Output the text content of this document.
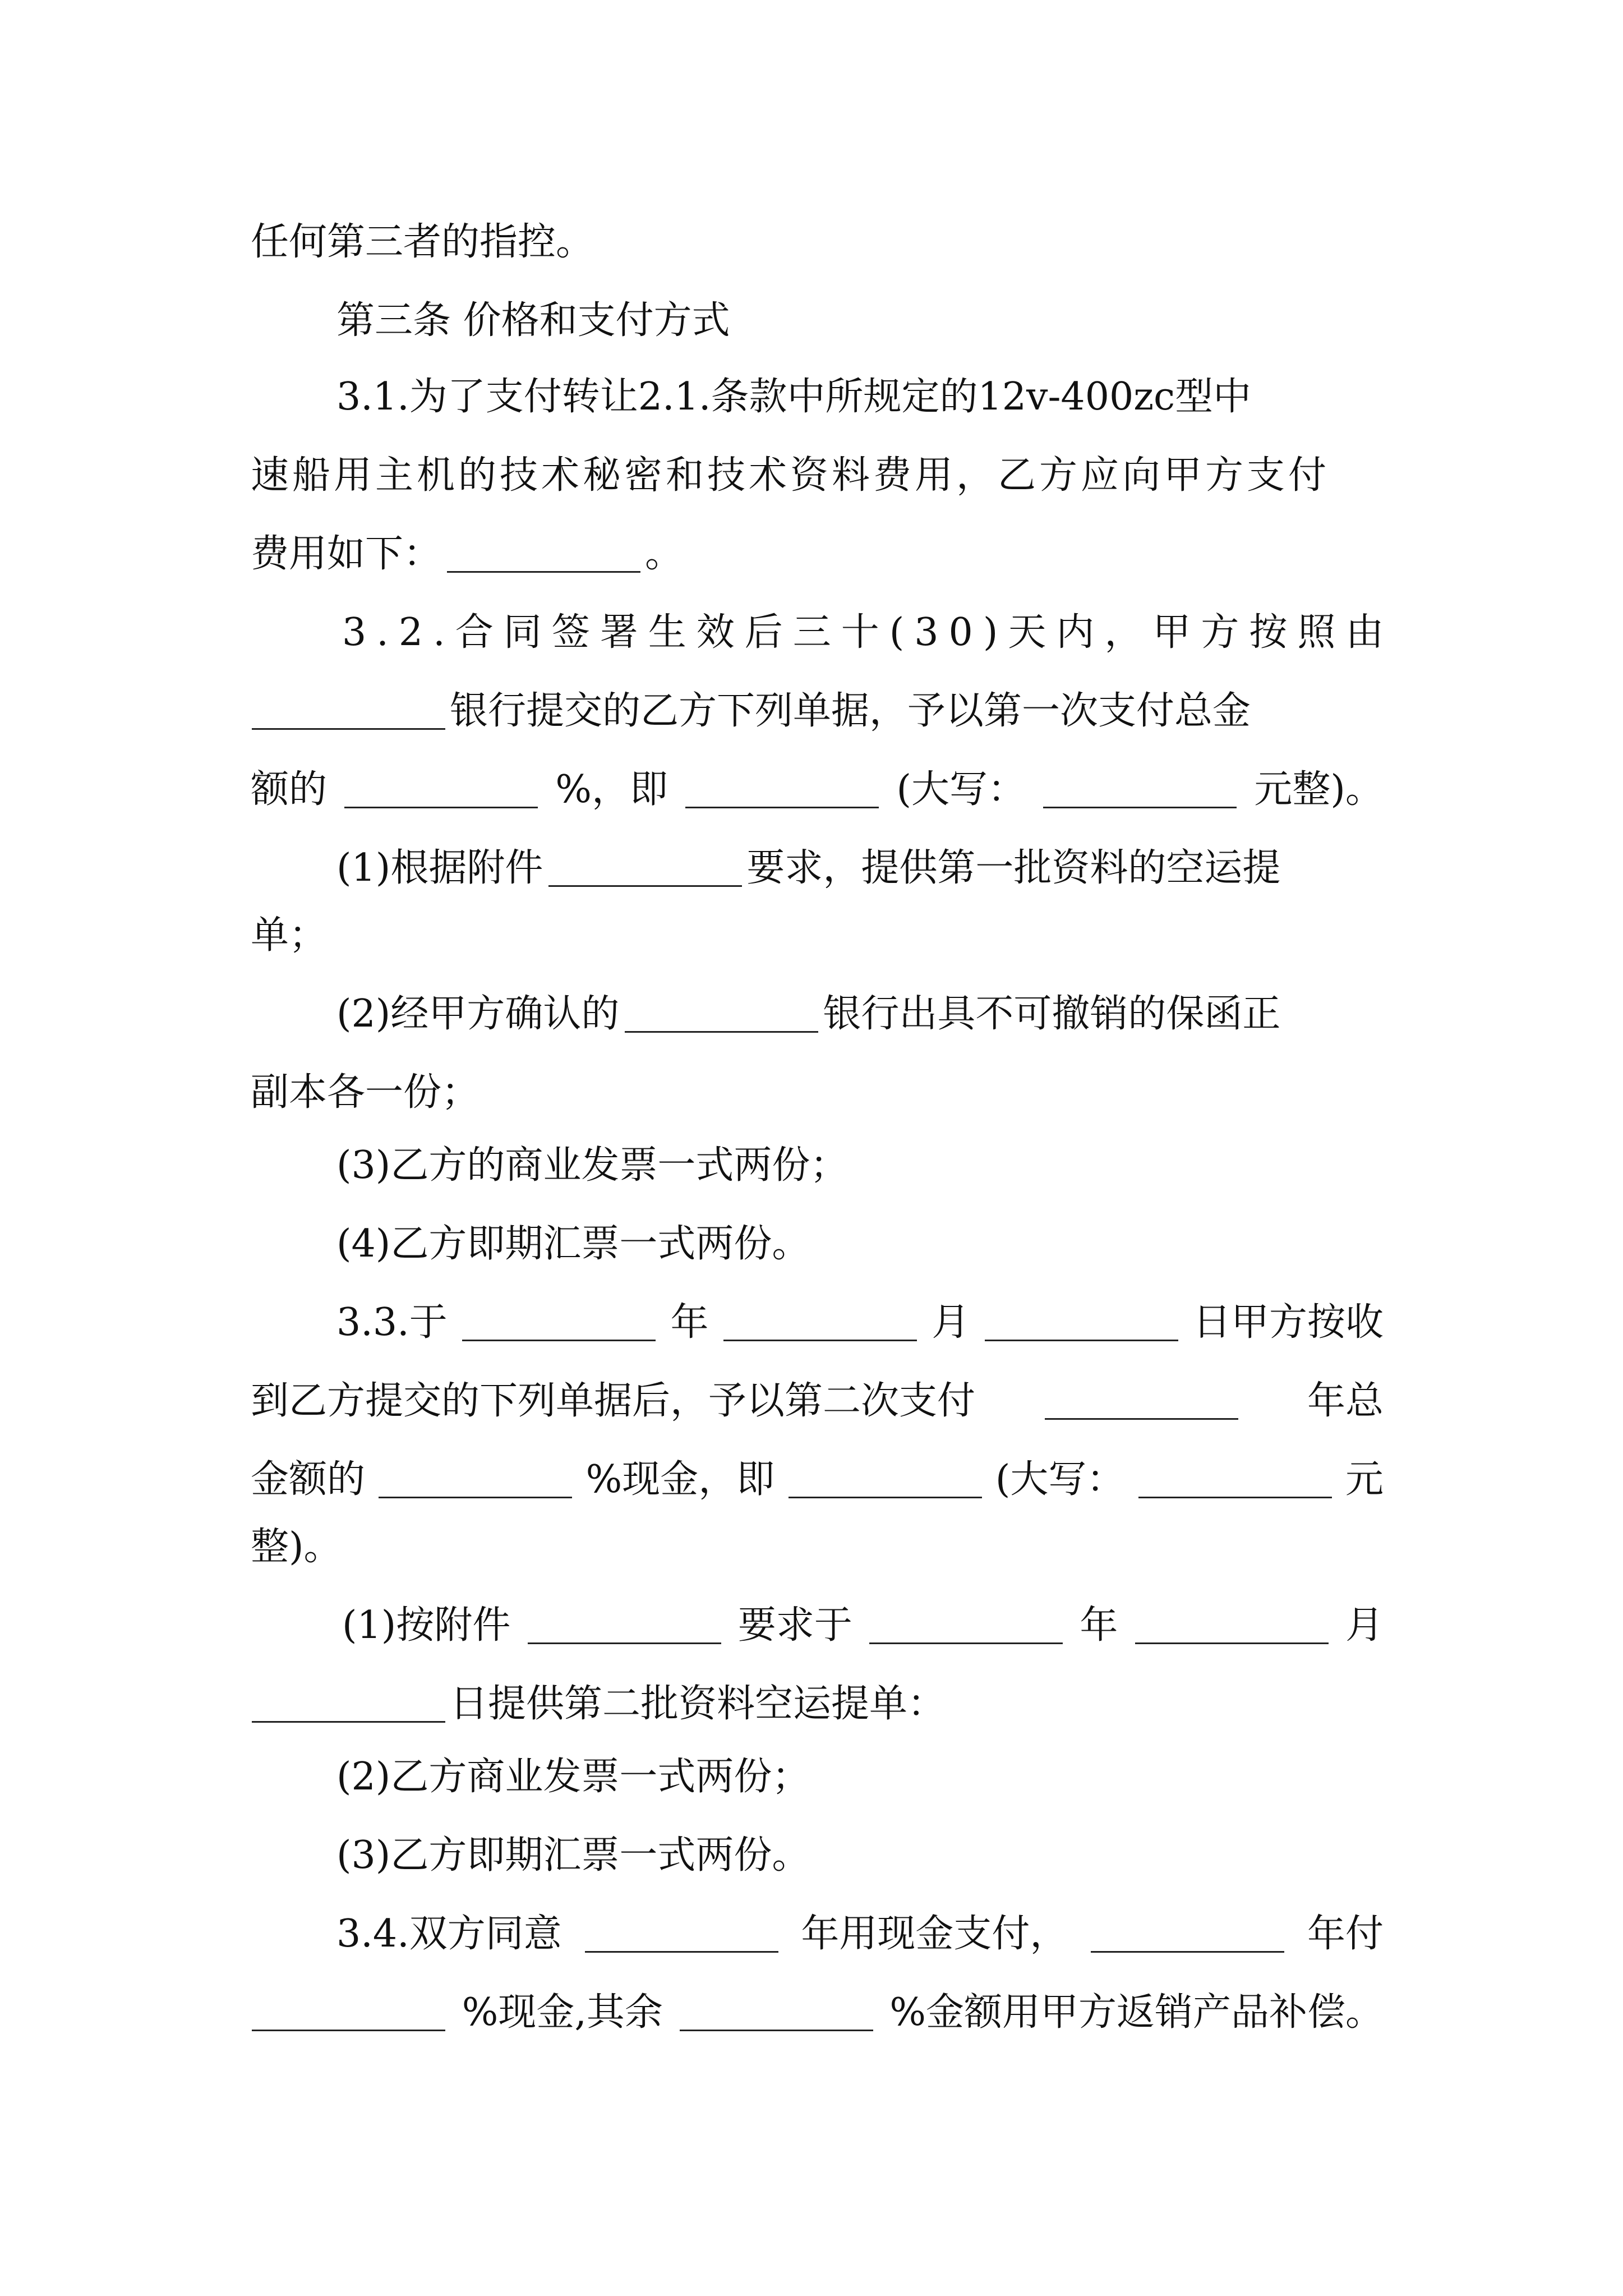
任何第三者的指控。
第三条 价格和支付方式
3.1.为了支付转让2.1.条款中所规定的12v-400zc型中
速船用主机的技术秘密和技术资料费用，乙方应向甲方支付
费用如下：	。
3.2.合同签署生效后三十(30)天内，甲方按照由
银行提交的乙方下列单据，予以第一次支付总金
额的	%，即	(大写：	元整)。
(1)根据附件	要求，提供第一批资料的空运提
单；
(2)经甲方确认的	银行出具不可撤销的保函正
副本各一份；
(3)乙方的商业发票一式两份；
(4)乙方即期汇票一式两份。
3.3.于	年	月	日甲方按收
到乙方提交的下列单据后，予以第二次支付	年总
金额的	%现金，即	(大写：	元
整)。
(1)按附件	要求于	年	月
日提供第二批资料空运提单：
(2)乙方商业发票一式两份；
(3)乙方即期汇票一式两份。
3.4.双方同意	年用现金支付，	年付
%现金,其余	%金额用甲方返销产品补偿。
